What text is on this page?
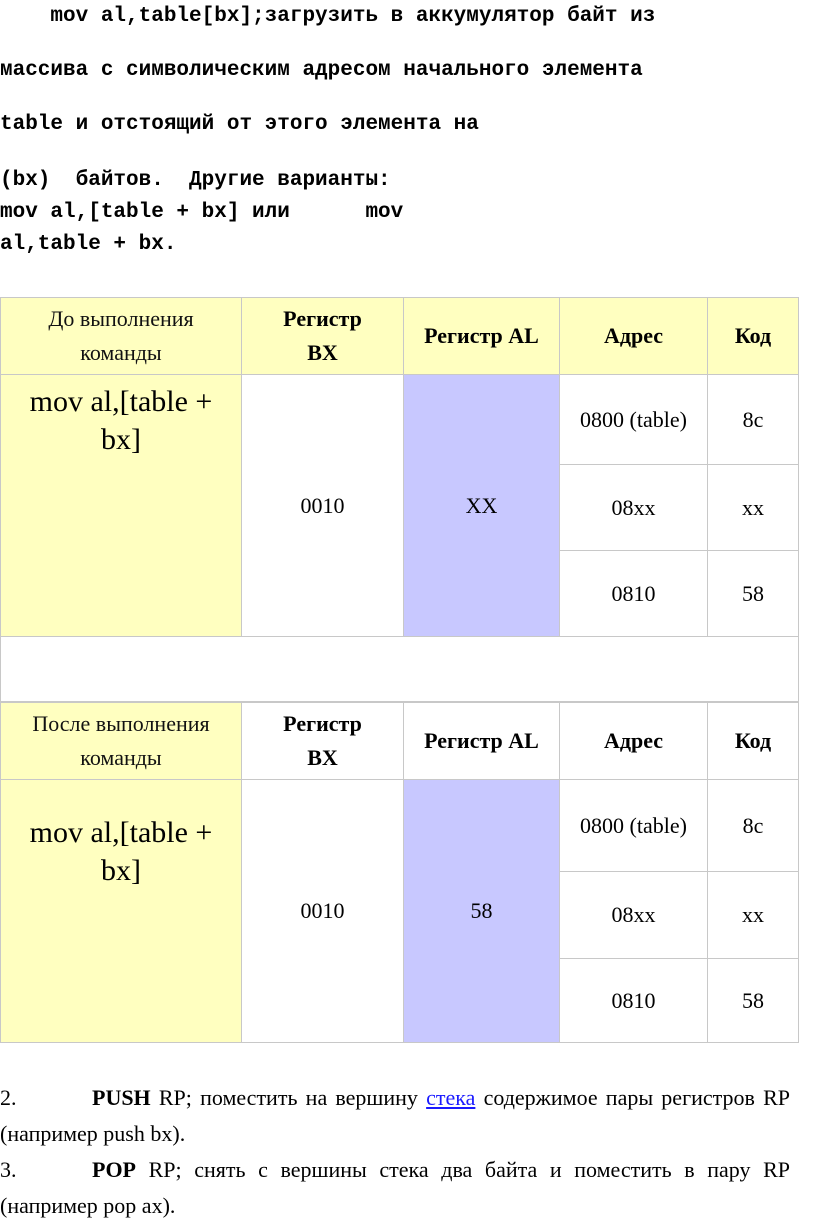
mov al,table[bx];загрузить в аккумулятор байт из
массива с символическим адресом начального элемента
table и отстоящий от этого элемента на
(bx)  байтов.  Другие варианты:
mov al,[table + bx] или      mov
al,table + bx.
До выполнения команды	Регистр BX	Регистр AL	Адрес	Код

mov al,[table + bx]	0010	XX	0800 (table)	8c
			08xx	xx
			0810	58

После выполнения команды	Регистр BX	Регистр AL	Адрес	Код

mov al,[table + bx]	0010	58	0800 (table)	8c
			08xx	xx
			0810	58
2.	PUSH RP; поместить на вершину стека содержимое пары регистров RP (например push bx).
3.	POP RP; снять с вершины стека два байта и поместить в пару RP (например pop ax).
